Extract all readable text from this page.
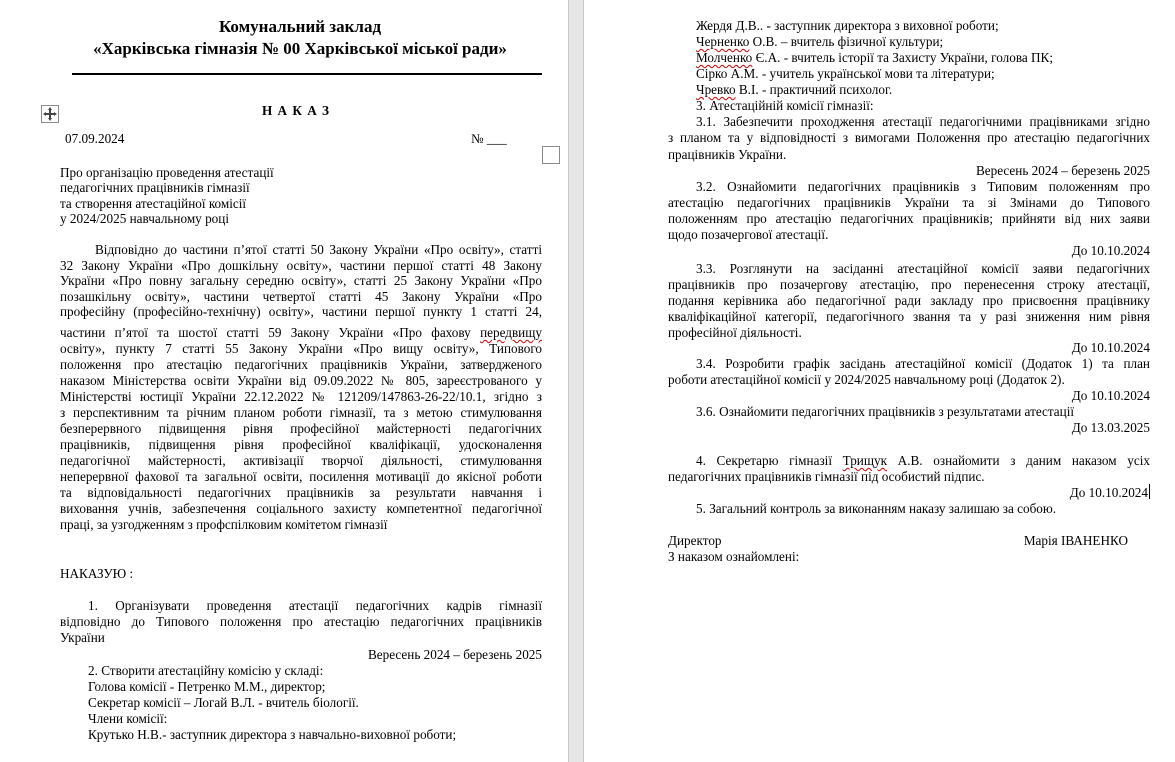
Комунальний заклад
«Харківська гімназія № 00 Харківської міської ради»
Н А К А З
07.09.2024	№ ___
Про організацію проведення атестації
педагогічних працівників гімназії
та створення атестаційної комісії
у 2024/2025 навчальному році
Відповідно до частини п’ятої статті 50 Закону України «Про освіту», статті
32 Закону України «Про дошкільну освіту», частини першої статті 48 Закону
України «Про повну загальну середню освіту», статті 25 Закону України «Про
позашкільну освіту», частини четвертої статті 45 Закону України «Про
професійну (професійно-технічну) освіту», частини першої пункту 1 статті 24,
частини п’ятої та шостої статті 59 Закону України «Про фахову передвищу
освіту», пункту 7 статті 55 Закону України «Про вищу освіту», Типового
положення про атестацію педагогічних працівників України, затвердженого
наказом Міністерства освіти України від 09.09.2022 № 805, зареєстрованого у
Міністерстві юстиції України 22.12.2022 № 121209/147863-26-22/10.1, згідно з
з перспективним та річним планом роботи гімназії, та з метою стимулювання
безперервного підвищення рівня професійної майстерності педагогічних
працівників, підвищення рівня професійної кваліфікації, удосконалення
педагогічної майстерності, активізації творчої діяльності, стимулювання
неперервної фахової та загальної освіти, посилення мотивації до якісної роботи
та відповідальності педагогічних працівників за результати навчання і
виховання учнів, забезпечення соціального захисту компетентної педагогічної
праці, за узгодженням з профспілковим комітетом гімназії
НАКАЗУЮ :
1. Організувати проведення атестації педагогічних кадрів гімназії
відповідно до Типового положення про атестацію педагогічних працівників
України
Вересень 2024 – березень 2025
2. Створити атестаційну комісію у складі:
Голова комісії - Петренко М.М., директор;
Секретар комісії – Логай В.Л. - вчитель біології.
Члени комісії:
Крутько Н.В.- заступник директора з навчально-виховної роботи;
Жердя Д.В.. - заступник директора з виховної роботи;
Черненко О.В. – вчитель фізичної культури;
Молченко Є.А. - вчитель історії та Захисту України, голова ПК;
Сірко А.М. - учитель української мови та літератури;
Чревко В.І. - практичний психолог.
3. Атестаційній комісії гімназії:
3.1. Забезпечити проходження атестації педагогічними працівниками згідно
з планом та у відповідності з вимогами Положення про атестацію педагогічних
працівників України.
Вересень 2024 – березень 2025
3.2. Ознайомити педагогічних працівників з Типовим положенням про
атестацію педагогічних працівників України та зі Змінами до Типового
положенням про атестацію педагогічних працівників; прийняти від них заяви
щодо позачергової атестації.
До 10.10.2024
3.3. Розглянути на засіданні атестаційної комісії заяви педагогічних
працівників про позачергову атестацію, про перенесення строку атестації,
подання керівника або педагогічної ради закладу про присвоєння працівнику
кваліфікаційної категорії, педагогічного звання та у разі зниження ним рівня
професійної діяльності.
До 10.10.2024
3.4. Розробити графік засідань атестаційної комісії (Додаток 1) та план
роботи атестаційної комісії у 2024/2025 навчальному році (Додаток 2).
До 10.10.2024
3.6. Ознайомити педагогічних працівників з результатами атестації
До 13.03.2025
4. Секретарю гімназії Трищук А.В. ознайомити з даним наказом усіх
педагогічних працівників гімназії під особистий підпис.
До 10.10.2024
5. Загальний контроль за виконанням наказу залишаю за собою.
Директор	Марія ІВАНЕНКО
З наказом ознайомлені:
